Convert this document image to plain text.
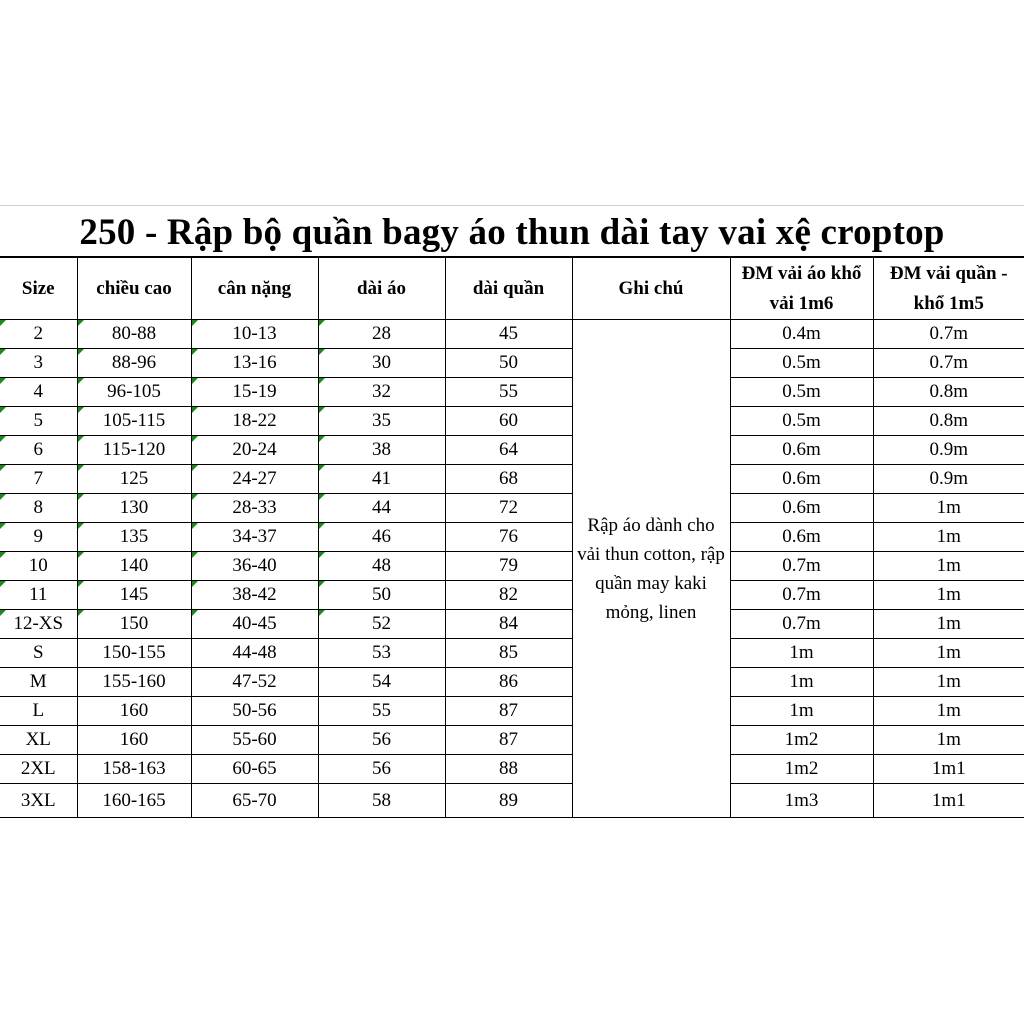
250 - Rập bộ quần bagy áo thun dài tay vai xệ croptop
Size	chiều cao	cân nặng	dài áo	dài quần	Ghi chú	ĐM vải áo khổ vải 1m6	ĐM vải quần - khổ 1m5
2	80-88	10-13	28	45	Rập áo dành cho vải thun cotton, rập quần may kaki mỏng, linen	0.4m	0.7m
3	88-96	13-16	30	50		0.5m	0.7m
4	96-105	15-19	32	55		0.5m	0.8m
5	105-115	18-22	35	60		0.5m	0.8m
6	115-120	20-24	38	64		0.6m	0.9m
7	125	24-27	41	68		0.6m	0.9m
8	130	28-33	44	72		0.6m	1m
9	135	34-37	46	76		0.6m	1m
10	140	36-40	48	79		0.7m	1m
11	145	38-42	50	82		0.7m	1m
12-XS	150	40-45	52	84		0.7m	1m
S	150-155	44-48	53	85		1m	1m
M	155-160	47-52	54	86		1m	1m
L	160	50-56	55	87		1m	1m
XL	160	55-60	56	87		1m2	1m
2XL	158-163	60-65	56	88		1m2	1m1
3XL	160-165	65-70	58	89		1m3	1m1
